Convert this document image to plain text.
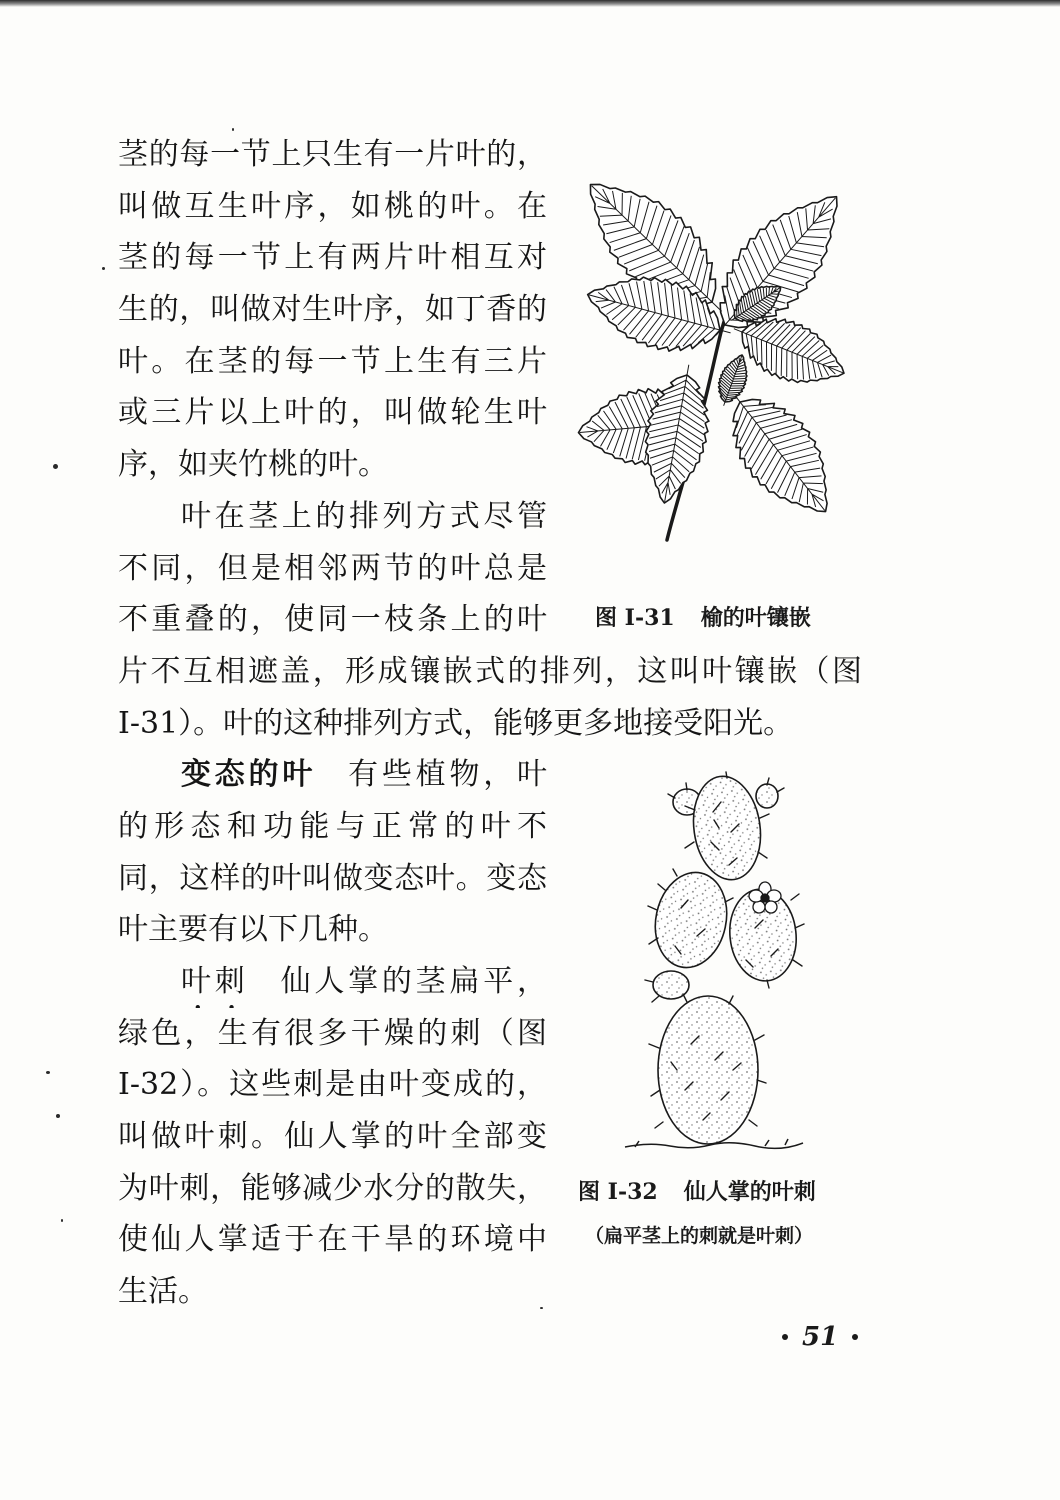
茎的每一节上只生有一片叶的，
叫做互生叶序，如桃的叶。在
茎的每一节上有两片叶相互对
生的，叫做对生叶序，如丁香的
叶。在茎的每一节上生有三片
或三片以上叶的，叫做轮生叶
序，如夹竹桃的叶。
叶在茎上的排列方式尽管
不同，但是相邻两节的叶总是
不重叠的，使同一枝条上的叶
片不互相遮盖，形成镶嵌式的排列，这叫叶镶嵌（图
I-31）。叶的这种排列方式，能够更多地接受阳光。
变态的叶 有些植物，叶
的形态和功能与正常的叶不
同，这样的叶叫做变态叶。变态
叶主要有以下几种。
叶刺 仙人掌的茎扁平，
绿色，生有很多干燥的刺（图
I-32）。这些刺是由叶变成的，
叫做叶刺。仙人掌的叶全部变
为叶刺，能够减少水分的散失，
使仙人掌适于在干旱的环境中
生活。
图 I-31 榆的叶镶嵌
图 I-32 仙人掌的叶刺
（扁平茎上的刺就是叶刺）
51
